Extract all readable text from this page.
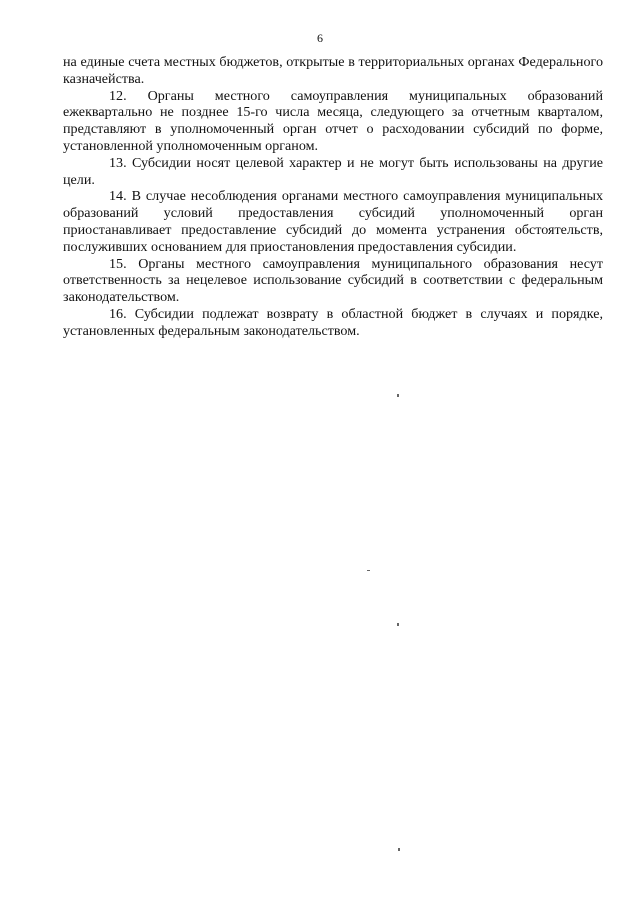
6

на единые счета местных бюджетов, открытые в территориальных органах Федерального казначейства.

12. Органы местного самоуправления муниципальных образований ежеквартально не позднее 15-го числа месяца, следующего за отчетным кварталом, представляют в уполномоченный орган отчет о расходовании субсидий по форме, установленной уполномоченным органом.

13. Субсидии носят целевой характер и не могут быть использованы на другие цели.

14. В случае несоблюдения органами местного самоуправления муниципальных образований условий предоставления субсидий уполномоченный орган приостанавливает предоставление субсидий до момента устранения обстоятельств, послуживших основанием для приостановления предоставления субсидии.

15. Органы местного самоуправления муниципального образования несут ответственность за нецелевое использование субсидий в соответствии с федеральным законодательством.

16. Субсидии подлежат возврату в областной бюджет в случаях и порядке, установленных федеральным законодательством.
